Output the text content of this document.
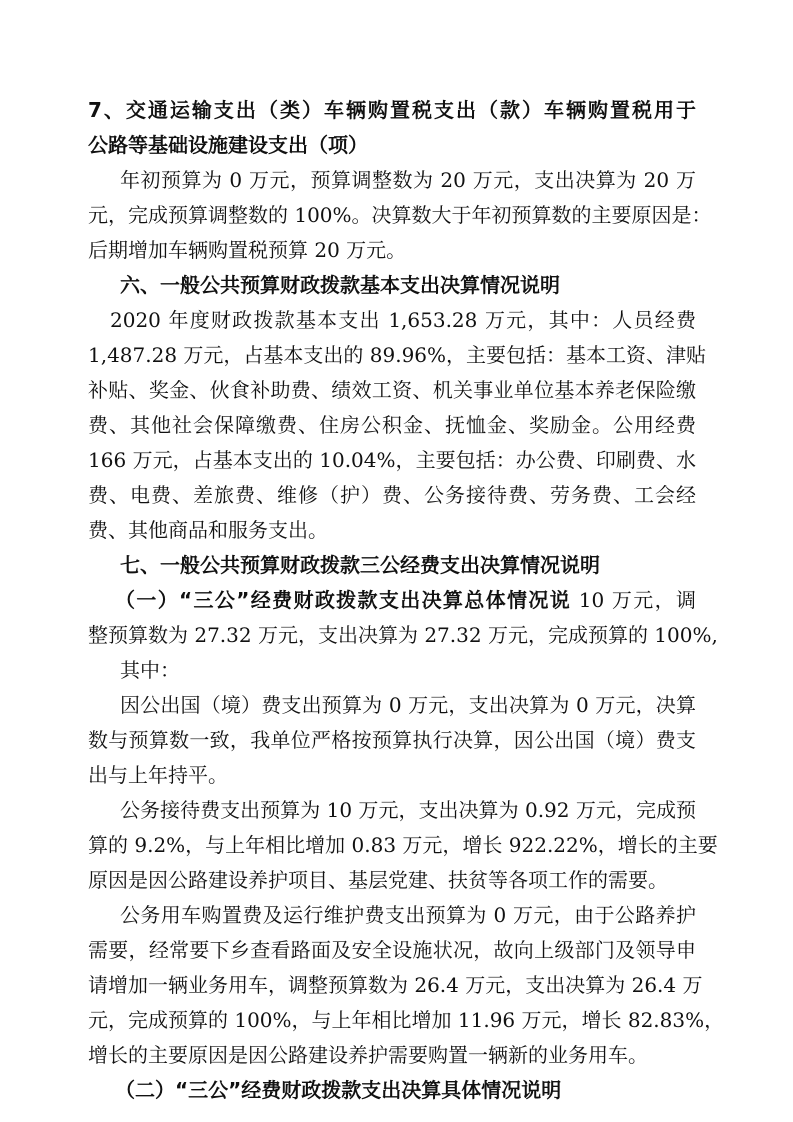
7、交通运输支出（类）车辆购置税支出（款）车辆购置税用于

公路等基础设施建设支出（项）

年初预算为 0 万元，预算调整数为 20 万元，支出决算为 20 万

元，完成预算调整数的 100%。决算数大于年初预算数的主要原因是：

后期增加车辆购置税预算 20 万元。

六、一般公共预算财政拨款基本支出决算情况说明

2020 年度财政拨款基本支出 1,653.28 万元，其中：人员经费

1,487.28 万元，占基本支出的 89.96%，主要包括：基本工资、津贴

补贴、奖金、伙食补助费、绩效工资、机关事业单位基本养老保险缴

费、其他社会保障缴费、住房公积金、抚恤金、奖励金。公用经费

166 万元，占基本支出的 10.04%，主要包括：办公费、印刷费、水

费、电费、差旅费、维修（护）费、公务接待费、劳务费、工会经

费、其他商品和服务支出。

七、一般公共预算财政拨款三公经费支出决算情况说明

（一）“三公”经费财政拨款支出决算总体情况说 10 万元，调

整预算数为 27.32 万元，支出决算为 27.32 万元，完成预算的 100%,

其中：

因公出国（境）费支出预算为 0 万元，支出决算为 0 万元，决算

数与预算数一致，我单位严格按预算执行决算，因公出国（境）费支

出与上年持平。

公务接待费支出预算为 10 万元，支出决算为 0.92 万元，完成预

算的 9.2%，与上年相比增加 0.83 万元，增长 922.22%，增长的主要

原因是因公路建设养护项目、基层党建、扶贫等各项工作的需要。

公务用车购置费及运行维护费支出预算为 0 万元，由于公路养护

需要，经常要下乡查看路面及安全设施状况，故向上级部门及领导申

请增加一辆业务用车，调整预算数为 26.4 万元，支出决算为 26.4 万

元，完成预算的 100%，与上年相比增加 11.96 万元，增长 82.83%，

增长的主要原因是因公路建设养护需要购置一辆新的业务用车。

（二）“三公”经费财政拨款支出决算具体情况说明
